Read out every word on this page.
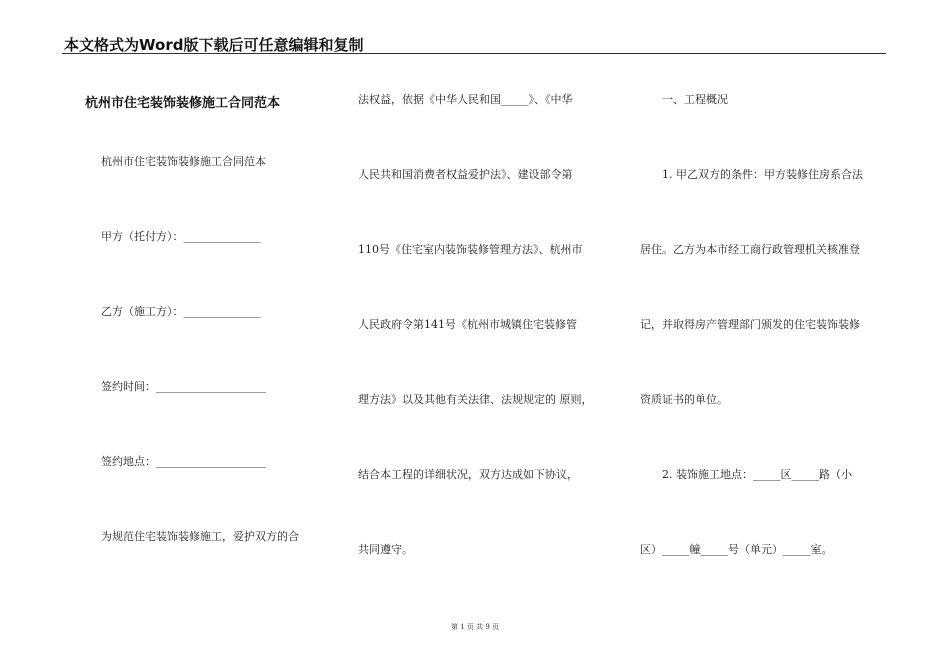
本文格式为Word版下载后可任意编辑和复制
杭州市住宅装饰装修施工合同范本
杭州市住宅装饰装修施工合同范本
甲方（托付方）：______________
乙方（施工方）：______________
签约时间：____________________
签约地点：____________________
为规范住宅装饰装修施工，爱护双方的合
法权益，依据《中华人民和国_____》、《中华
人民共和国消费者权益爱护法》、建设部令第
110号《住宅室内装饰装修管理方法》、杭州市
人民政府令第141号《杭州市城镇住宅装修管
理方法》以及其他有关法律、法规规定的 原则，
结合本工程的详细状况，双方达成如下协议，
共同遵守。
一、工程概况
1. 甲乙双方的条件：甲方装修住房系合法
居住。乙方为本市经工商行政管理机关核准登
记，并取得房产管理部门颁发的住宅装饰装修
资质证书的单位。
2. 装饰施工地点：_____区_____路（小
区）_____幢_____号（单元）_____室。
第 1 页 共 9 页
